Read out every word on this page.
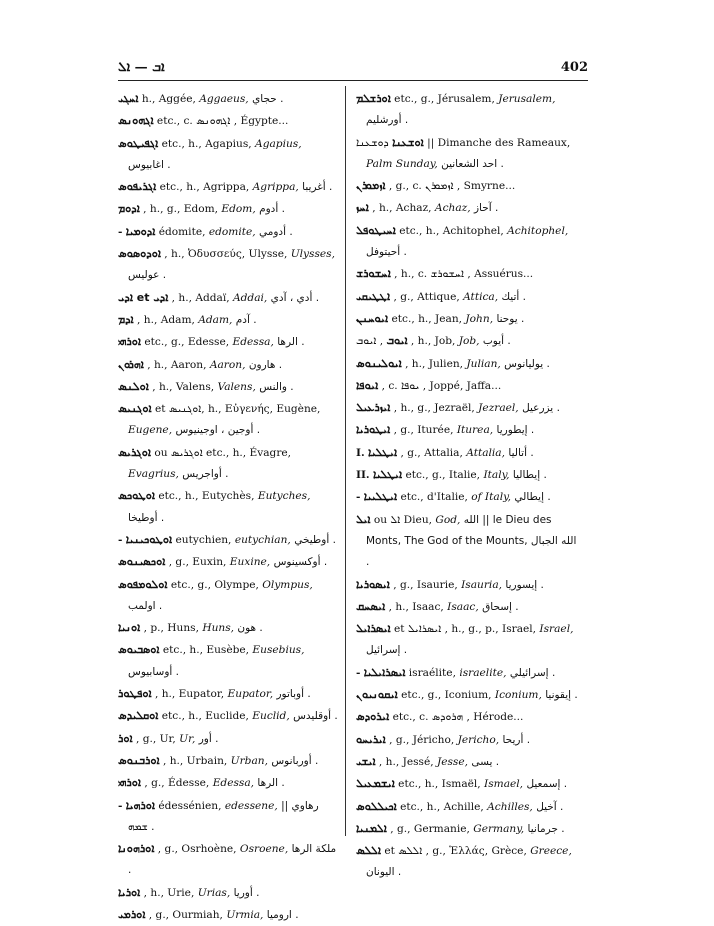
ܐܒ — ܐܠ	402

ܐܚܓܝ h., Aggée, Aggaeus, حجاي .

ܐܓܗܘܢܣ etc., c. ܐܓܗܘܢܣ , Égypte...

ܐܓܦܝܛܘܣ etc., h., Agapius, Agapius, اغابيوس .

ܐܓܪܝܦܘܣ etc., h., Agrippa, Agrippa, أغريبا .

ܐܕܘܡ , h., g., Edom, Edom, أدوم .

- ܐܕܘܡܝܐ édomite, edomite, أدومي .

ܐܘܕܘܣܘܣ , h., Ὀδυσσεύς, Ulysse, Ulysses, عوليس .

ܐܕܝ et ܐܕܝ , h., Addaï, Addai, أدي ، آدي .

ܐܕܡ , h., Adam, Adam, آدم .

ܐܘܪܗܝ etc., g., Edesse, Edessa, الرها .

ܐܗܪܘܢ , h., Aaron, Aaron, هارون .

ܐܘܠܢܣ , h., Valens, Valens, والنس .

ܐܘܓܢܝܣ et ܐܘܓܢܝܣ, h., Εὐγενής, Eugène, Eugene, أوجين ، اوجينيوس .

ܐܘܓܪܝܣ ou ܐܘܓܪܝܣ etc., h., Évagre, Evagrius, أواجريس .

ܐܘܛܘܟܣ etc., h., Eutychès, Eutyches, أوطيخا .

- ܐܘܛܘܟܝܢܝܐ eutychien, eutychian, أوطيخي .

ܐܘܟܣܝܢܘܣ , g., Euxin, Euxine, أوكسينوس .

ܐܘܠܘܡܦܘܣ etc., g., Olympe, Olympus, اولمب .

ܐܘܢܝܐ , p., Huns, Huns, هون .

ܐܘܣܒܝܘܣ etc., h., Eusèbe, Eusebius, أوسابيوس .

ܐܘܦܛܘܪ , h., Eupator, Eupator, أوباتور .

ܐܘܩܠܝܕܣ etc., h., Euclide, Euclid, أوقليدس .

ܐܘܪ , g., Ur, Ur, أور .

ܐܘܪܒܢܘܣ , h., Urbain, Urban, أوربانوس .

ܐܘܪܗܝ , g., Édesse, Edessa, الرها .

- ܐܘܪܗܝܐ édessénien, edessene, رهاوي || ܫܡܗ .

ܐܘܪܗܘܢܐ , g., Osrhoène, Osroene, ملكة الرها .

ܐܘܪܝܐ , h., Urie, Urias, أوريا .

ܐܘܪܡܝ , g., Ourmiah, Urmia, اروميا .

ܐܘܪܫܠܡ etc., g., Jérusalem, Jerusalem, أورشليم .

ܐܘܫܥܢܐ ܕܘܫܥܢܐ || Dimanche des Rameaux, Palm Sunday, احد الشعانين .

ܐܙܡܘܪܢ , g., c. ܐܙܡܘܪܢ , Smyrne...

ܐܚܙ , h., Achaz, Achaz, آحاز .

ܐܚܝܛܘܦܠ etc., h., Achitophel, Achitophel, أحيتوفل .

ܐܚܫܘܪܫ , h., c. ܐܚܫܘܪܫ , Assuérus...

ܐܛܛܝܩܝ , g., Attique, Attica, أتيك .

ܐܝܘܚܢܢ etc., h., Jean, John, يوحنا .

ܐܝܘܒ , ܐܝܘܒ , h., Job, Job, أيوب .

ܐܝܘܠܝܢܘܣ , h., Julien, Julian, يوليانوس .

ܐܝܘܦܐ , c. ܝܘܦܐ , Joppé, Jaffa...

ܐܝܙܪܥܝܠ , h., g., Jezraël, Jezrael, يزرعيل .

ܐܝܛܘܪܝܐ , g., Iturée, Iturea, إيطوريا .

I. ܐܝܛܠܝܐ , g., Attalia, Attalia, أتاليا .

II. ܐܝܛܠܝܐ etc., g., Italie, Italy, إيطاليا .

- ܐܝܛܠܝܝܐ etc., d'Italie, of Italy, إيطالي .

ܐܝܠ ou ܐܠ Dieu, God, الله || le Dieu des Monts, The God of the Mounts, الله الجبال .

ܐܝܣܘܪܝܐ , g., Isaurie, Isauria, إيسوريا .

ܐܝܣܚܩ , h., Isaac, Isaac, إسحاق .

ܐܝܣܪܐܝܠ et ܐܝܣܪܐܝܠ , h., g., p., Israel, Israel, إسرائيل .

- ܐܝܣܪܐܝܠܝܐ israélite, israelite, إسرائيلي .

ܐܝܩܘܢܝܘܢ etc., g., Iconium, Iconium, إيقونيا .

ܐܝܪܘܕܣ etc., c. ܗܪܘܕܣ , Hérode...

ܐܝܪܝܚܘ , g., Jéricho, Jericho, أريحا .

ܐܝܫܝ , h., Jessé, Jesse, يسى .

ܐܝܫܡܥܝܠ etc., h., Ismaël, Ismael, إسمعيل .

ܐܟܝܠܠܘܣ etc., h., Achille, Achilles, آخيل .

ܐܠܡܢܝܐ , g., Germanie, Germany, جرمانيا .

ܐܠܠܣ et ܐܠܠܣ , g., Ἑλλάς, Grèce, Greece, اليونان .
